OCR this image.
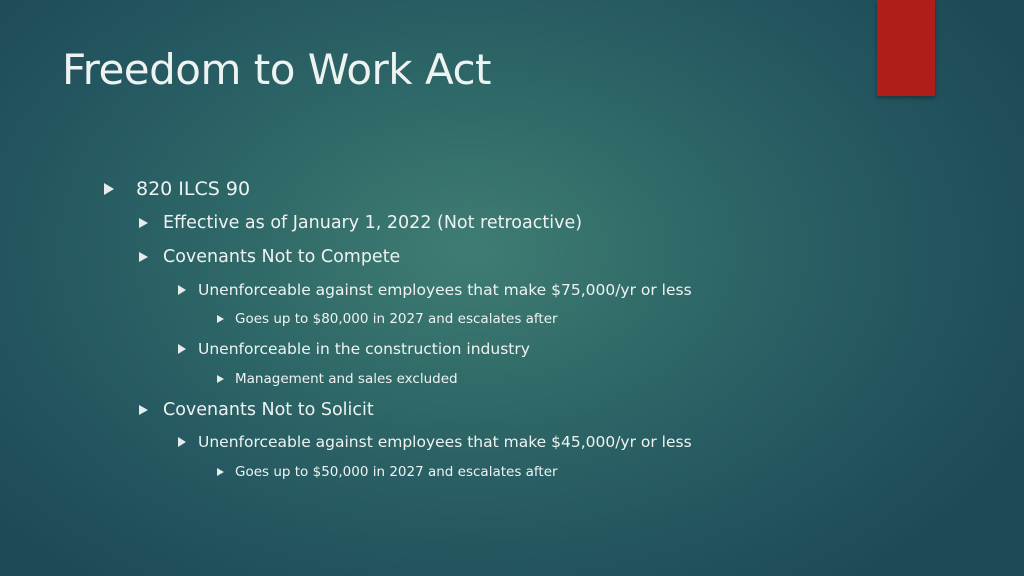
Freedom to Work Act
820 ILCS 90
Effective as of January 1, 2022 (Not retroactive)
Covenants Not to Compete
Unenforceable against employees that make $75,000/yr or less
Goes up to $80,000 in 2027 and escalates after
Unenforceable in the construction industry
Management and sales excluded
Covenants Not to Solicit
Unenforceable against employees that make $45,000/yr or less
Goes up to $50,000 in 2027 and escalates after
